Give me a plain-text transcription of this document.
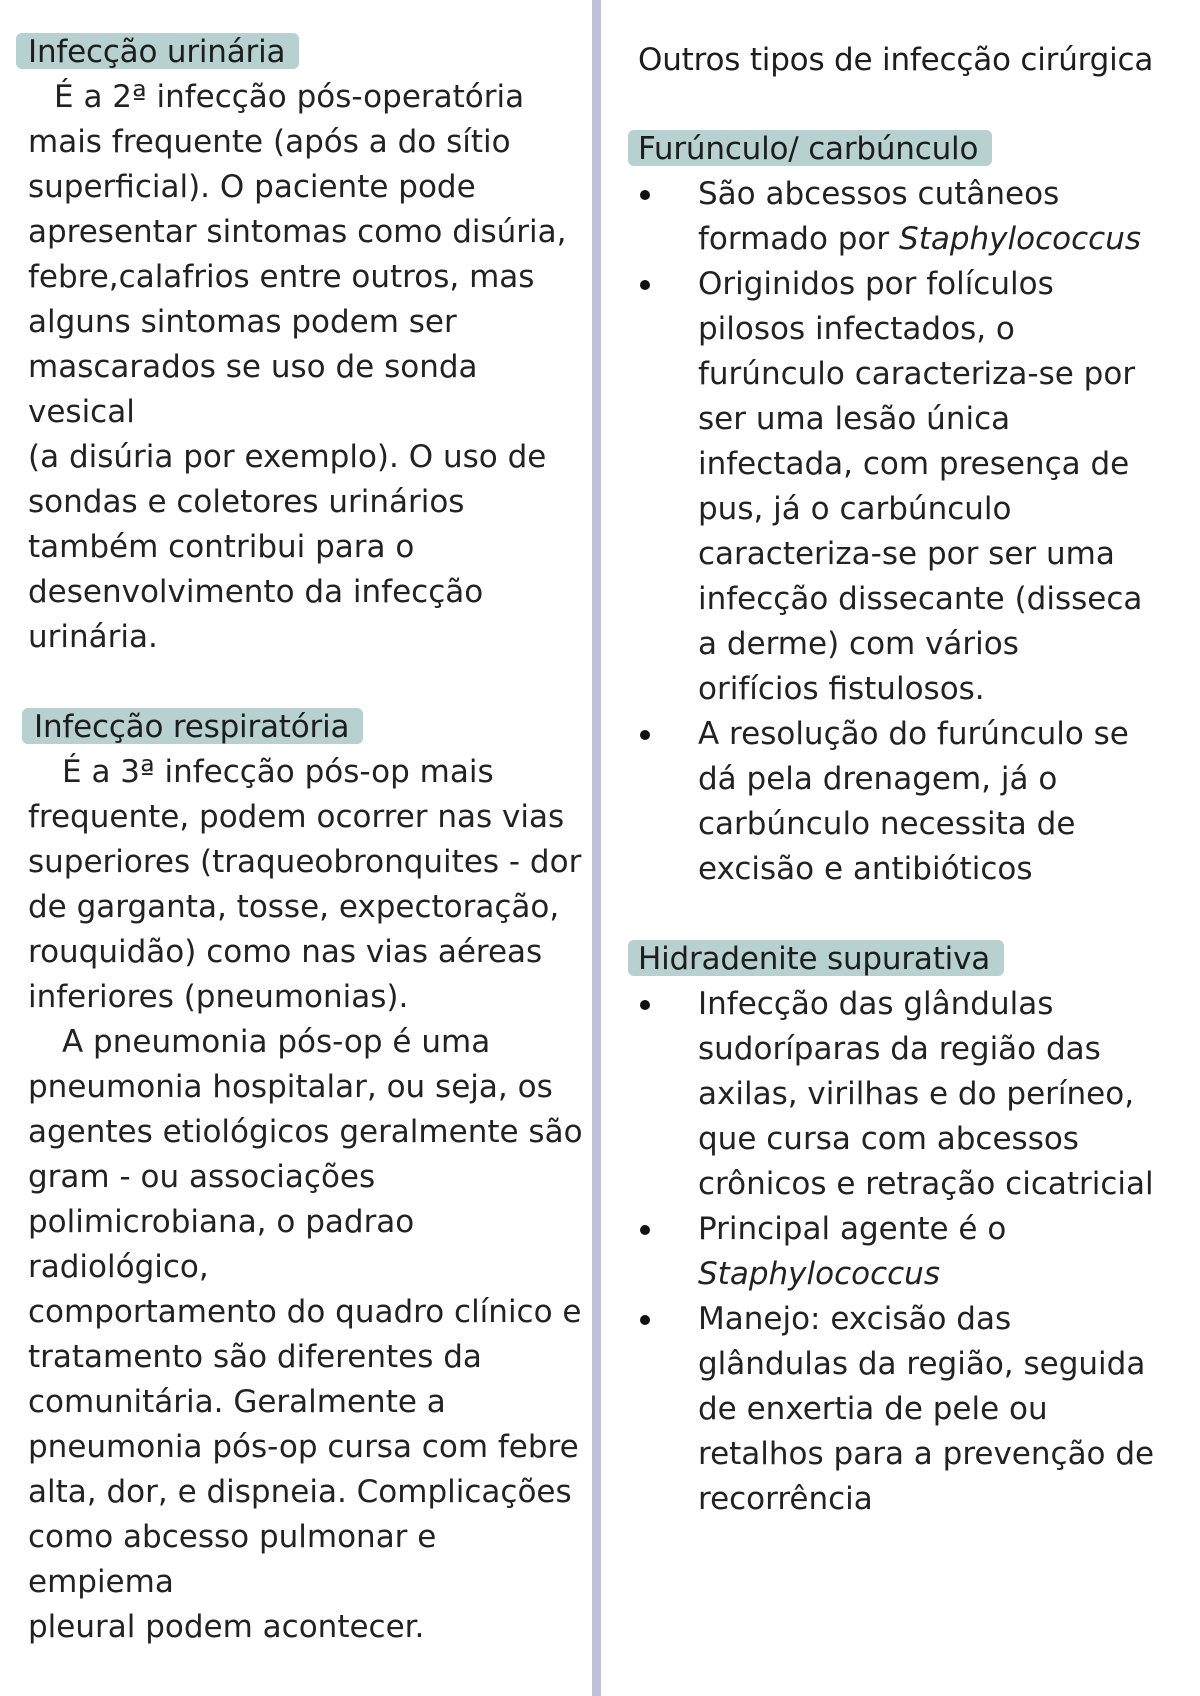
Infecção urinária
É a 2ª infecção pós-operatória
mais frequente (após a do sítio
superficial). O paciente pode
apresentar sintomas como disúria,
febre,calafrios entre outros, mas
alguns sintomas podem ser
mascarados se uso de sonda vesical
(a disúria por exemplo). O uso de
sondas e coletores urinários
também contribui para o
desenvolvimento da infecção
urinária.
Infecção respiratória
É a 3ª infecção pós-op mais
frequente, podem ocorrer nas vias
superiores (traqueobronquites - dor
de garganta, tosse, expectoração,
rouquidão) como nas vias aéreas
inferiores (pneumonias).
A pneumonia pós-op é uma
pneumonia hospitalar, ou seja, os
agentes etiológicos geralmente são
gram - ou associações
polimicrobiana, o padrao radiológico,
comportamento do quadro clínico e
tratamento são diferentes da
comunitária. Geralmente a
pneumonia pós-op cursa com febre
alta, dor, e dispneia. Complicações
como abcesso pulmonar e empiema
pleural podem acontecer.
Outros tipos de infecção cirúrgica
Furúnculo/ carbúnculo
São abcessos cutâneos
formado por Staphylococcus
Originidos por folículos
pilosos infectados, o
furúnculo caracteriza-se por
ser uma lesão única
infectada, com presença de
pus, já o carbúnculo
caracteriza-se por ser uma
infecção dissecante (disseca
a derme) com vários
orifícios fistulosos.
A resolução do furúnculo se
dá pela drenagem, já o
carbúnculo necessita de
excisão e antibióticos
Hidradenite supurativa
Infecção das glândulas
sudoríparas da região das
axilas, virilhas e do períneo,
que cursa com abcessos
crônicos e retração cicatricial
Principal agente é o
Staphylococcus
Manejo: excisão das
glândulas da região, seguida
de enxertia de pele ou
retalhos para a prevenção de
recorrência
